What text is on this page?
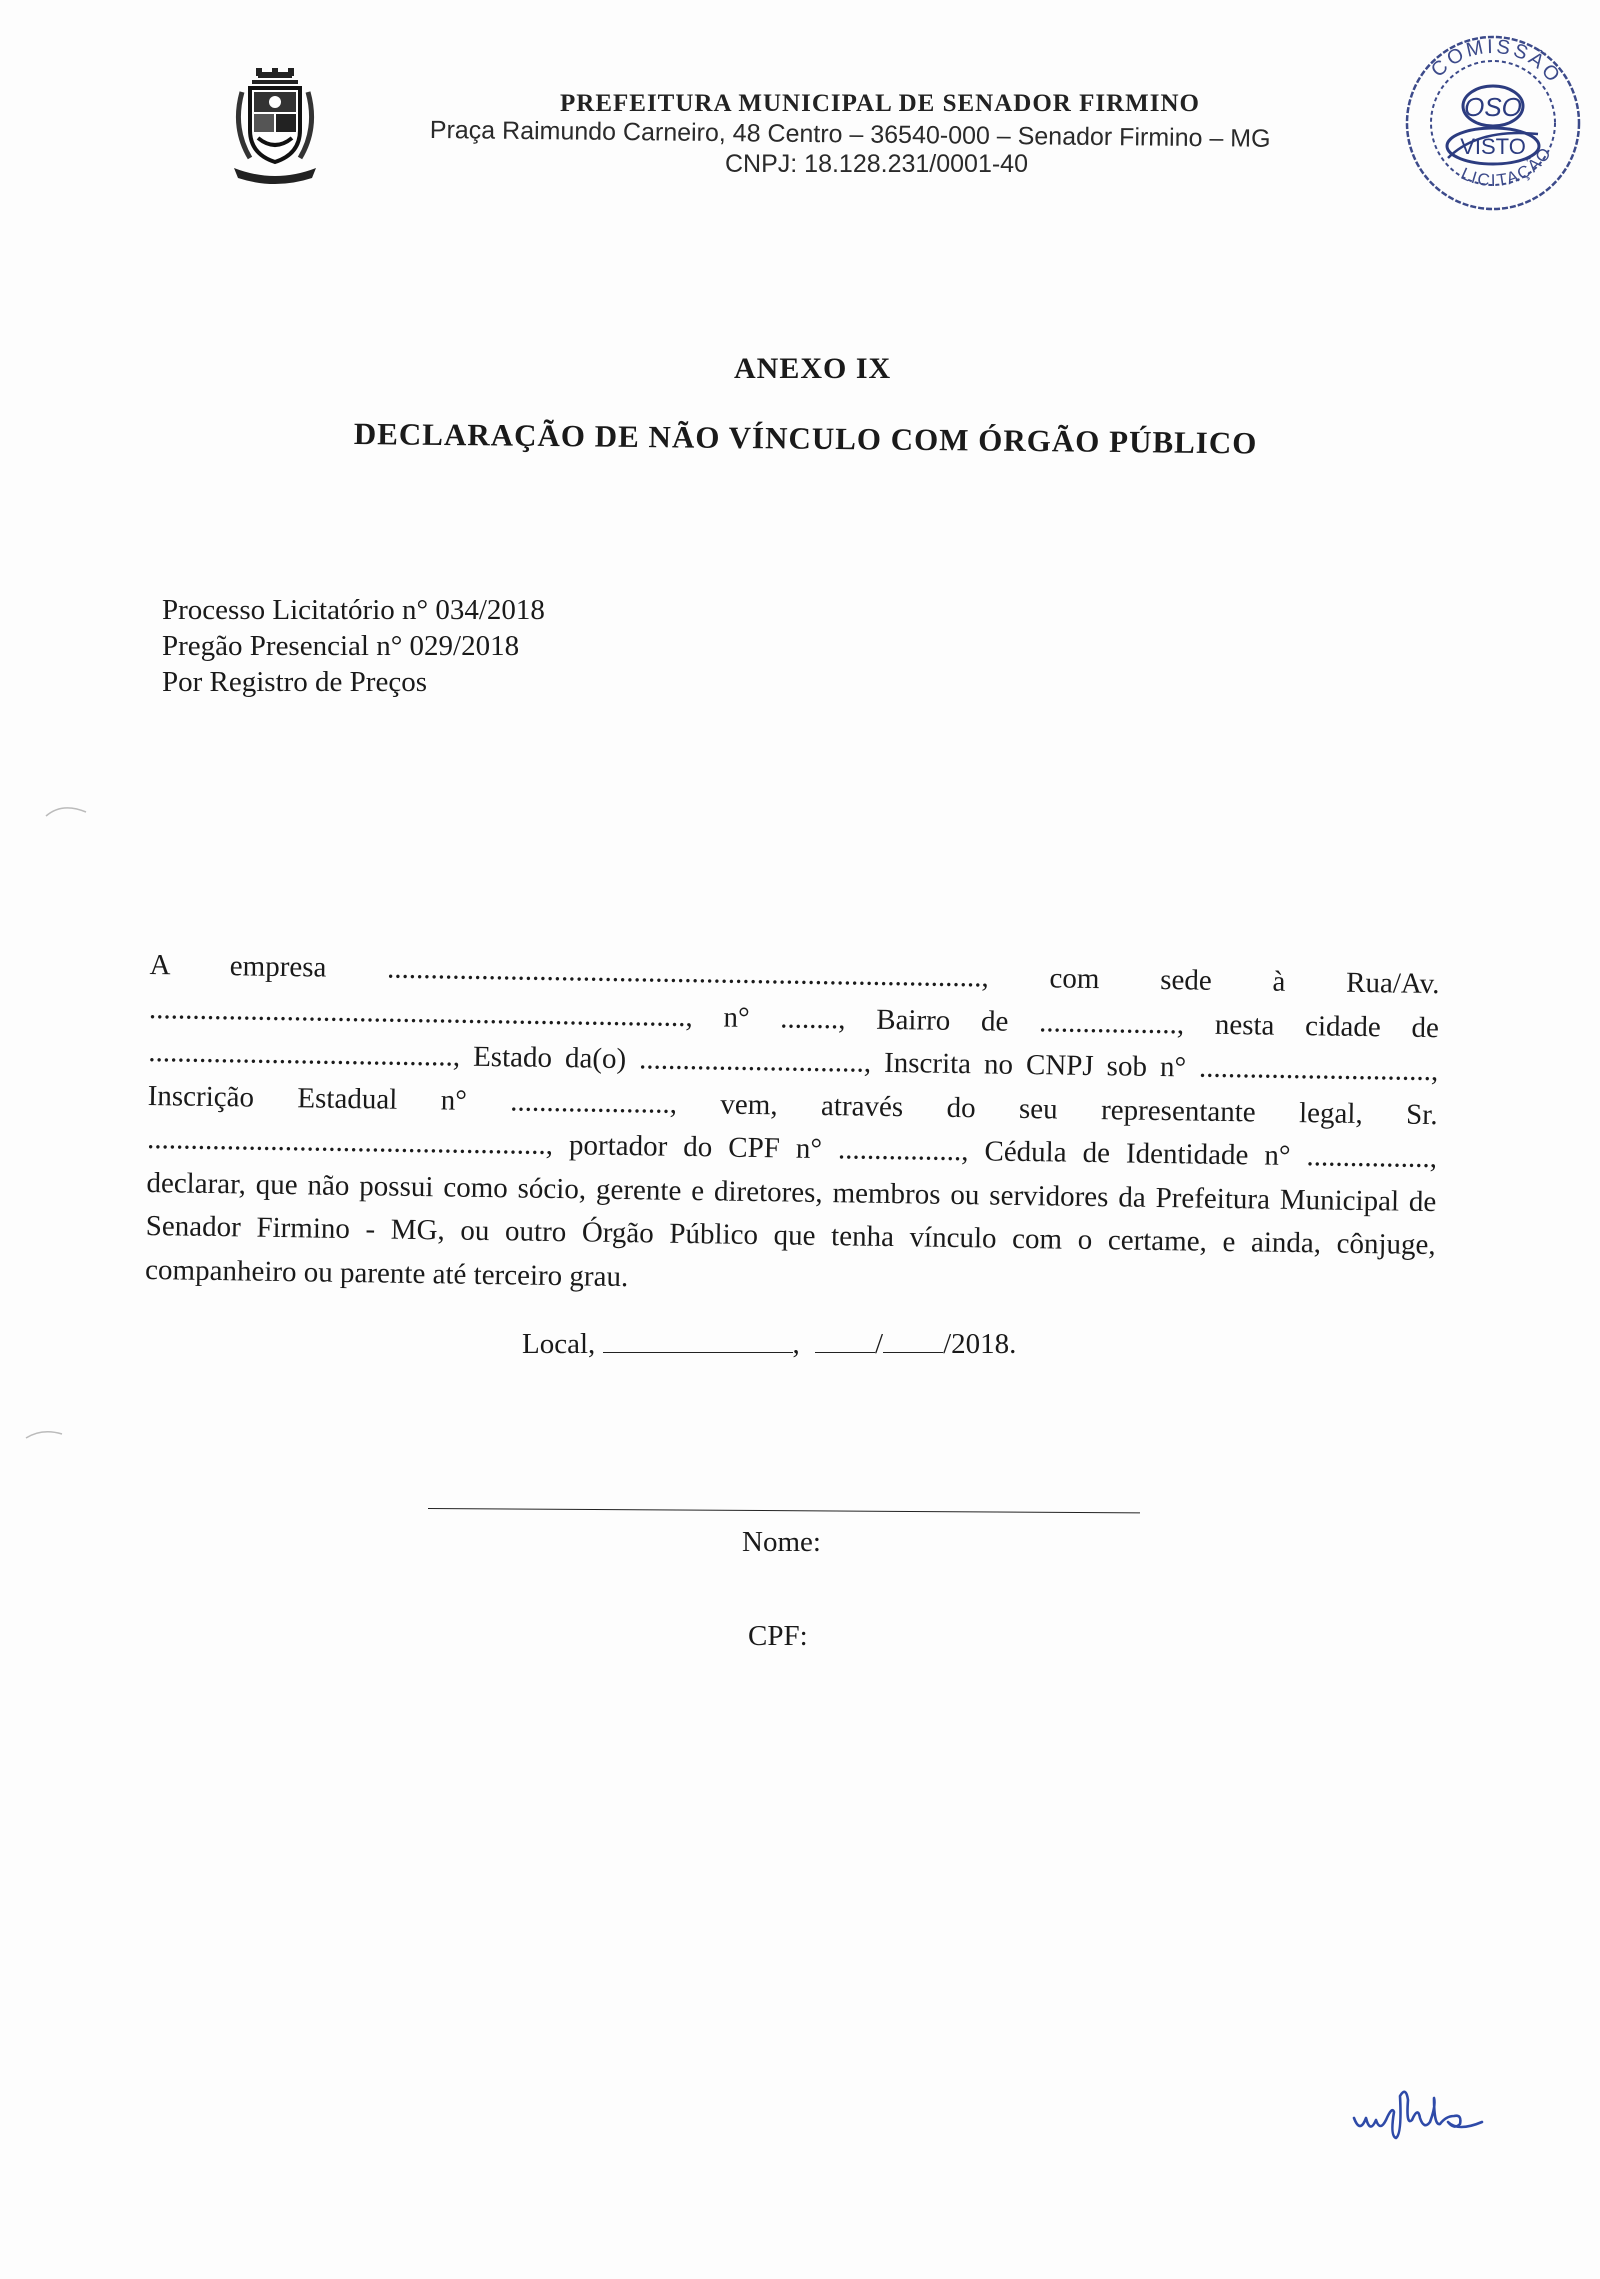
PREFEITURA MUNICIPAL DE SENADOR FIRMINO
Praça Raimundo Carneiro, 48 Centro – 36540-000 – Senador Firmino – MG
CNPJ: 18.128.231/0001-40
COMISSÃO
LICITAÇÃO
OSO
VISTO
ANEXO IX
DECLARAÇÃO DE NÃO VÍNCULO COM ÓRGÃO PÚBLICO
Processo Licitatório n° 034/2018
Pregão Presencial n° 029/2018
Por Registro de Preços
A empresa .................................................................................., com sede à Rua/Av. .........................................................................., n° ........, Bairro de ..................., nesta cidade de .........................................., Estado da(o) ..............................., Inscrita no CNPJ sob n° ................................, Inscrição Estadual n° ......................, vem, através do seu representante legal, Sr. ......................................................., portador do CPF n° ................., Cédula de Identidade n° ................., declarar, que não possui como sócio, gerente e diretores, membros ou servidores da Prefeitura Municipal de Senador Firmino - MG, ou outro Órgão Público que tenha vínculo com o certame, e ainda, cônjuge, companheiro ou parente até terceiro grau.
Local,	,	/ /2018.
Nome:
CPF:
